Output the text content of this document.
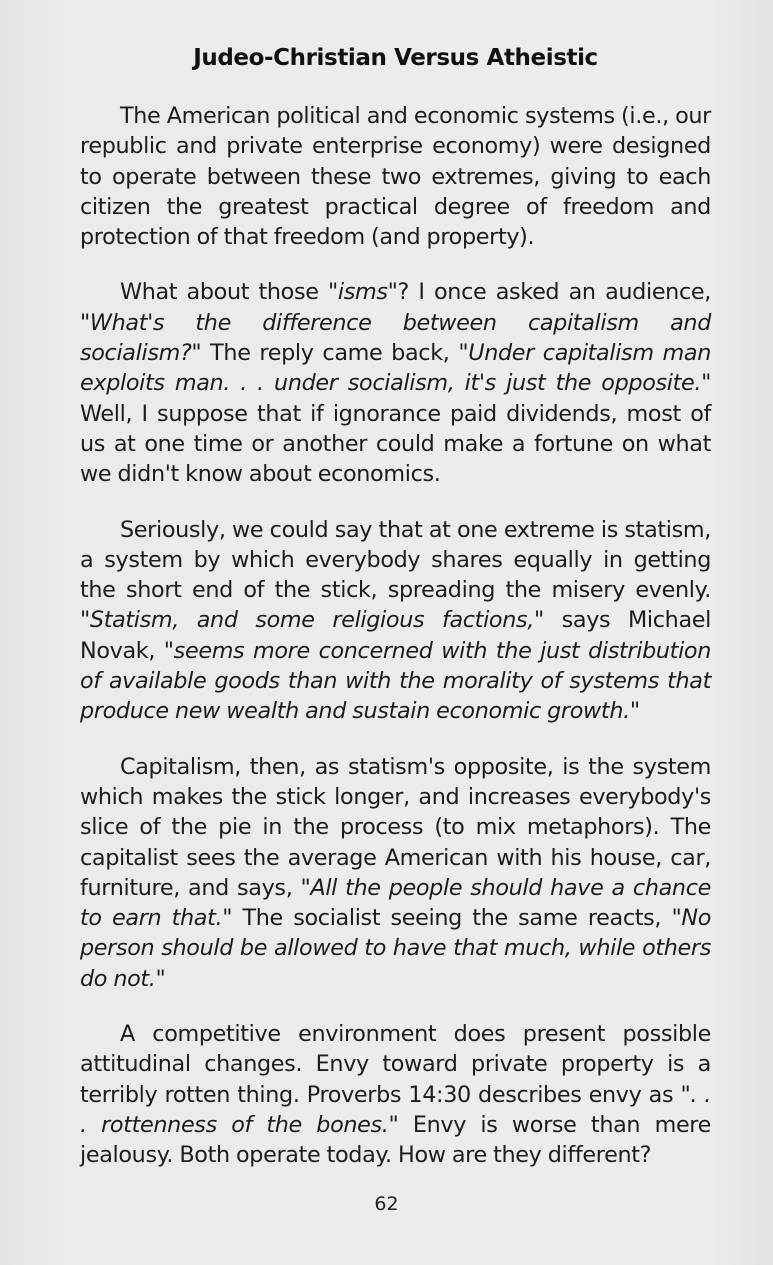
Judeo-Christian Versus Atheistic

The American political and economic systems (i.e., our republic and private enterprise economy) were designed to operate between these two extremes, giving to each citizen the greatest practical degree of freedom and protection of that freedom (and property).

What about those "isms"? I once asked an audience, "What's the difference between capitalism and socialism?" The reply came back, "Under capitalism man exploits man. . . under socialism, it's just the opposite." Well, I suppose that if ignorance paid dividends, most of us at one time or another could make a fortune on what we didn't know about economics.

Seriously, we could say that at one extreme is statism, a system by which everybody shares equally in getting the short end of the stick, spreading the misery evenly. "Statism, and some religious factions," says Michael Novak, "seems more concerned with the just distribution of available goods than with the morality of systems that produce new wealth and sustain economic growth."

Capitalism, then, as statism's opposite, is the system which makes the stick longer, and increases everybody's slice of the pie in the process (to mix metaphors). The capitalist sees the average American with his house, car, furniture, and says, "All the people should have a chance to earn that." The socialist seeing the same reacts, "No person should be allowed to have that much, while others do not."

A competitive environment does present possible attitudinal changes. Envy toward private property is a terribly rotten thing. Proverbs 14:30 describes envy as ". . . rottenness of the bones." Envy is worse than mere jealousy. Both operate today. How are they different?

62
